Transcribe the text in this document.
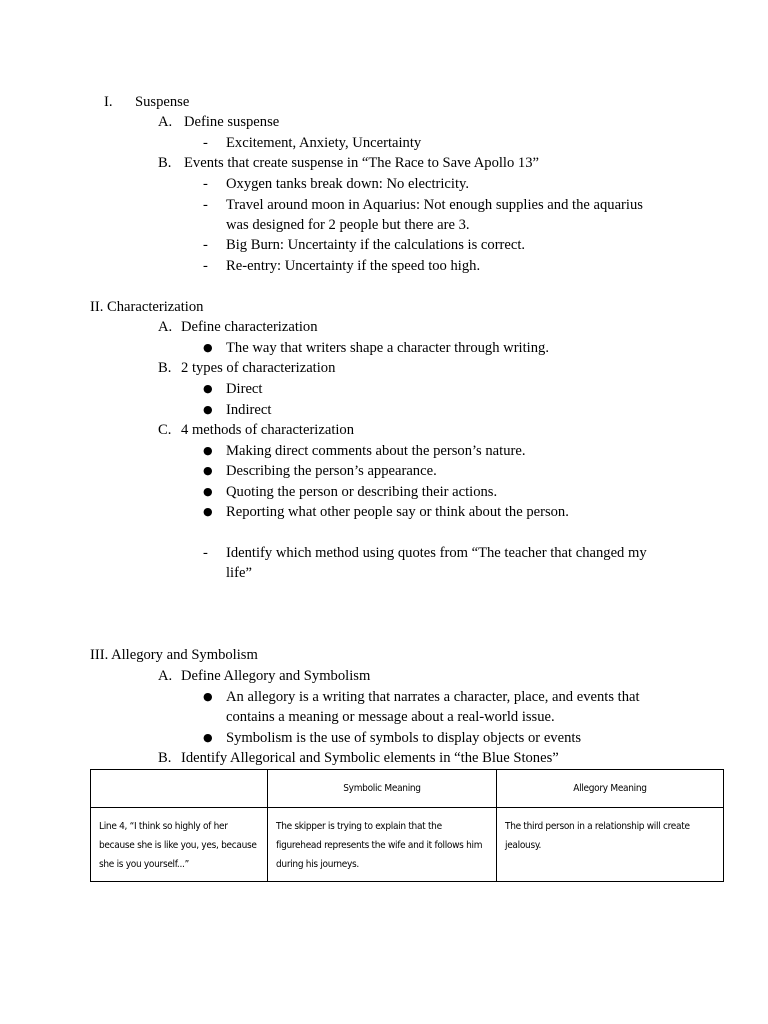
I. Suspense
A. Define suspense
- Excitement, Anxiety, Uncertainty
B. Events that create suspense in “The Race to Save Apollo 13”
- Oxygen tanks break down: No electricity.
- Travel around moon in Aquarius: Not enough supplies and the aquarius was designed for 2 people but there are 3.
- Big Burn: Uncertainty if the calculations is correct.
- Re-entry: Uncertainty if the speed too high.
II. Characterization
A. Define characterization
● The way that writers shape a character through writing.
B. 2 types of characterization
● Direct
● Indirect
C. 4 methods of characterization
● Making direct comments about the person’s nature.
● Describing the person’s appearance.
● Quoting the person or describing their actions.
● Reporting what other people say or think about the person.
- Identify which method using quotes from “The teacher that changed my life”
III. Allegory and Symbolism
A. Define Allegory and Symbolism
● An allegory is a writing that narrates a character, place, and events that contains a meaning or message about a real-world issue.
● Symbolism is the use of symbols to display objects or events
B. Identify Allegorical and Symbolic elements in “the Blue Stones”
	Symbolic Meaning	Allegory Meaning
Line 4, “I think so highly of her because she is like you, yes, because she is you yourself...”	The skipper is trying to explain that the figurehead represents the wife and it follows him during his journeys.	The third person in a relationship will create jealousy.
